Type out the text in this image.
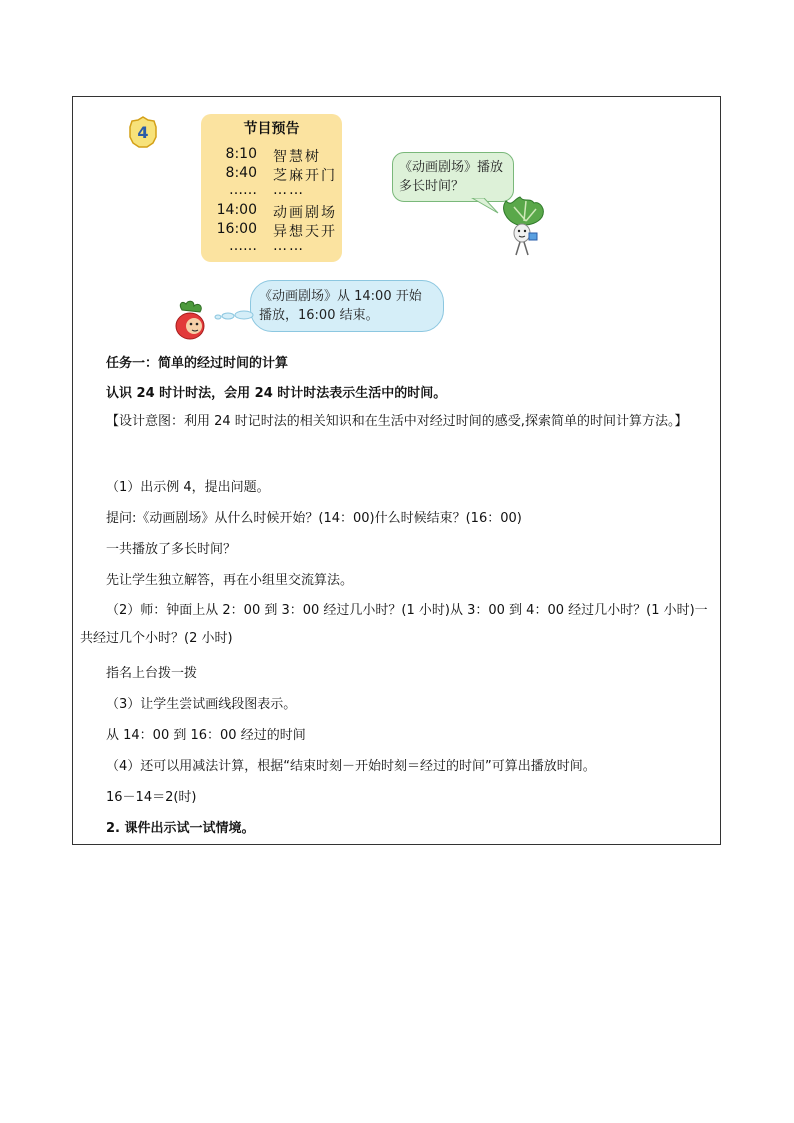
4	节目预告
8:10 智慧树
8:40 芝麻开门
…… ……
14:00 动画剧场
16:00 异想天开
…… ……
《动画剧场》播放
多长时间？
《动画剧场》从 14:00 开始
播放，16:00 结束。
任务一：简单的经过时间的计算
认识 24 时计时法，会用 24 时计时法表示生活中的时间。
【设计意图：利用 24 时记时法的相关知识和在生活中对经过时间的感受,探索简单的时间计算方法。】
（1）出示例 4，提出问题。
提问:《动画剧场》从什么时候开始？(14：00)什么时候结束？(16：00)
一共播放了多长时间？
先让学生独立解答，再在小组里交流算法。
（2）师：钟面上从 2：00 到 3：00 经过几小时？(1 小时)从 3：00 到 4：00 经过几小时？(1 小时)一共经过几个小时？(2 小时)
指名上台拨一拨
（3）让学生尝试画线段图表示。
从 14：00 到 16：00 经过的时间
（4）还可以用减法计算，根据“结束时刻－开始时刻＝经过的时间”可算出播放时间。
16－14＝2(时)
2. 课件出示试一试情境。
